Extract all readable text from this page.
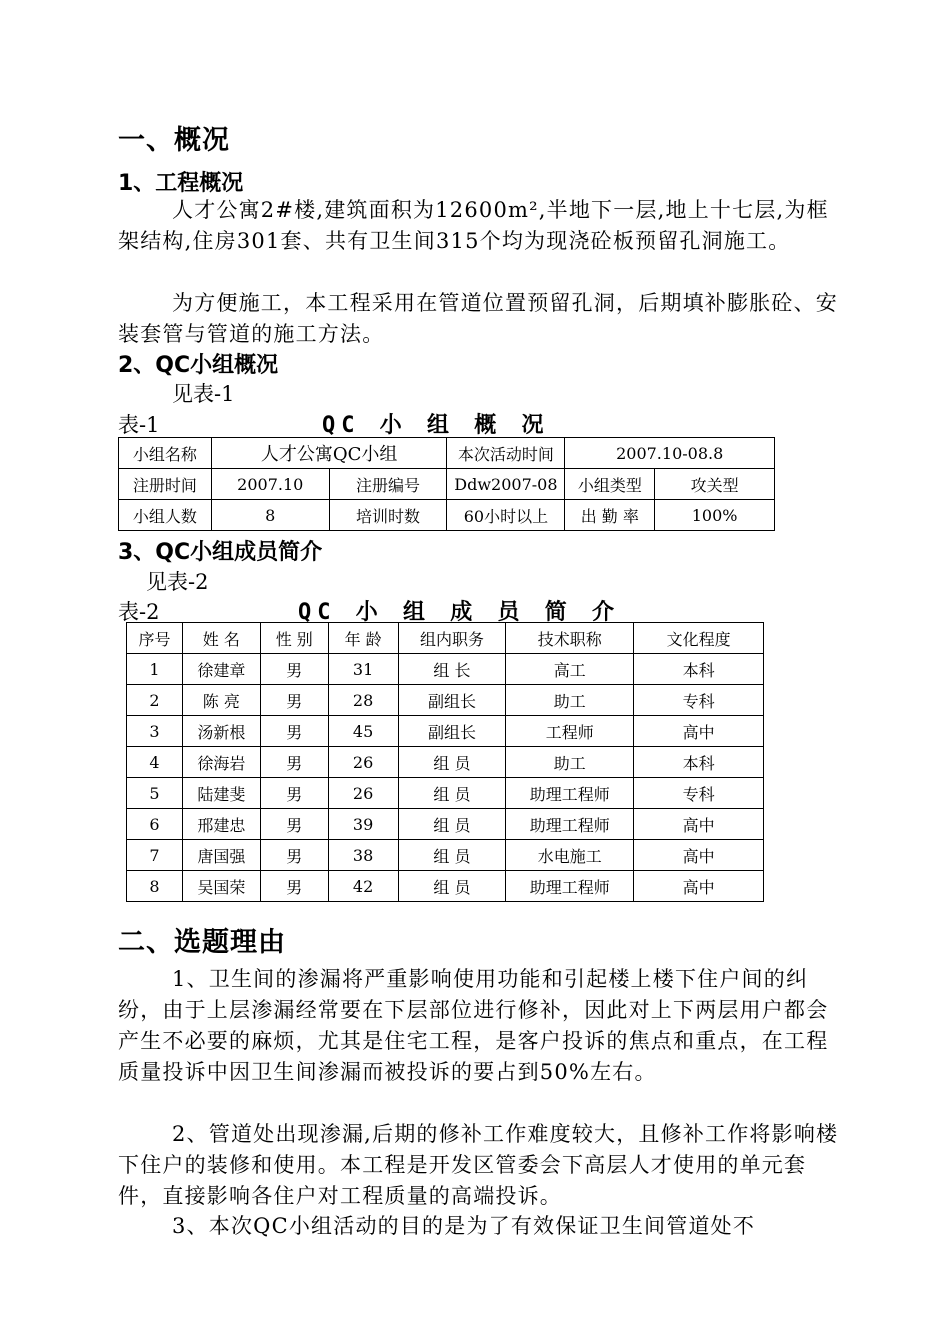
一、概况
1、工程概况

人才公寓2#楼,建筑面积为12600m²,半地下一层,地上十七层,为框架结构,住房301套、共有卫生间315个均为现浇砼板预留孔洞施工。

为方便施工，本工程采用在管道位置预留孔洞，后期填补膨胀砼、安装套管与管道的施工方法。

2、QC小组概况
见表-1
表-1	QC 小 组 概 况
小组名称	人才公寓QC小组		本次活动时间	2007.10-08.8	
注册时间	2007.10	注册编号	Ddw2007-08	小组类型	攻关型
小组人数	8	培训时数	60小时以上	出 勤 率	100%
3、QC小组成员简介
见表-2
表-2	QC 小 组 成 员 简 介
序号	姓 名	性 别	年 龄	组内职务	技术职称	文化程度
1	徐建章	男	31	组 长	高工	本科
2	陈 亮	男	28	副组长	助工	专科
3	汤新根	男	45	副组长	工程师	高中
4	徐海岩	男	26	组 员	助工	本科
5	陆建斐	男	26	组 员	助理工程师	专科
6	邢建忠	男	39	组 员	助理工程师	高中
7	唐国强	男	38	组 员	水电施工	高中
8	吴国荣	男	42	组 员	助理工程师	高中
二、选题理由

1、卫生间的渗漏将严重影响使用功能和引起楼上楼下住户间的纠纷，由于上层渗漏经常要在下层部位进行修补，因此对上下两层用户都会产生不必要的麻烦，尤其是住宅工程，是客户投诉的焦点和重点，在工程质量投诉中因卫生间渗漏而被投诉的要占到50%左右。

2、管道处出现渗漏,后期的修补工作难度较大，且修补工作将影响楼下住户的装修和使用。本工程是开发区管委会下高层人才使用的单元套件，直接影响各住户对工程质量的高端投诉。

3、本次QC小组活动的目的是为了有效保证卫生间管道处不
